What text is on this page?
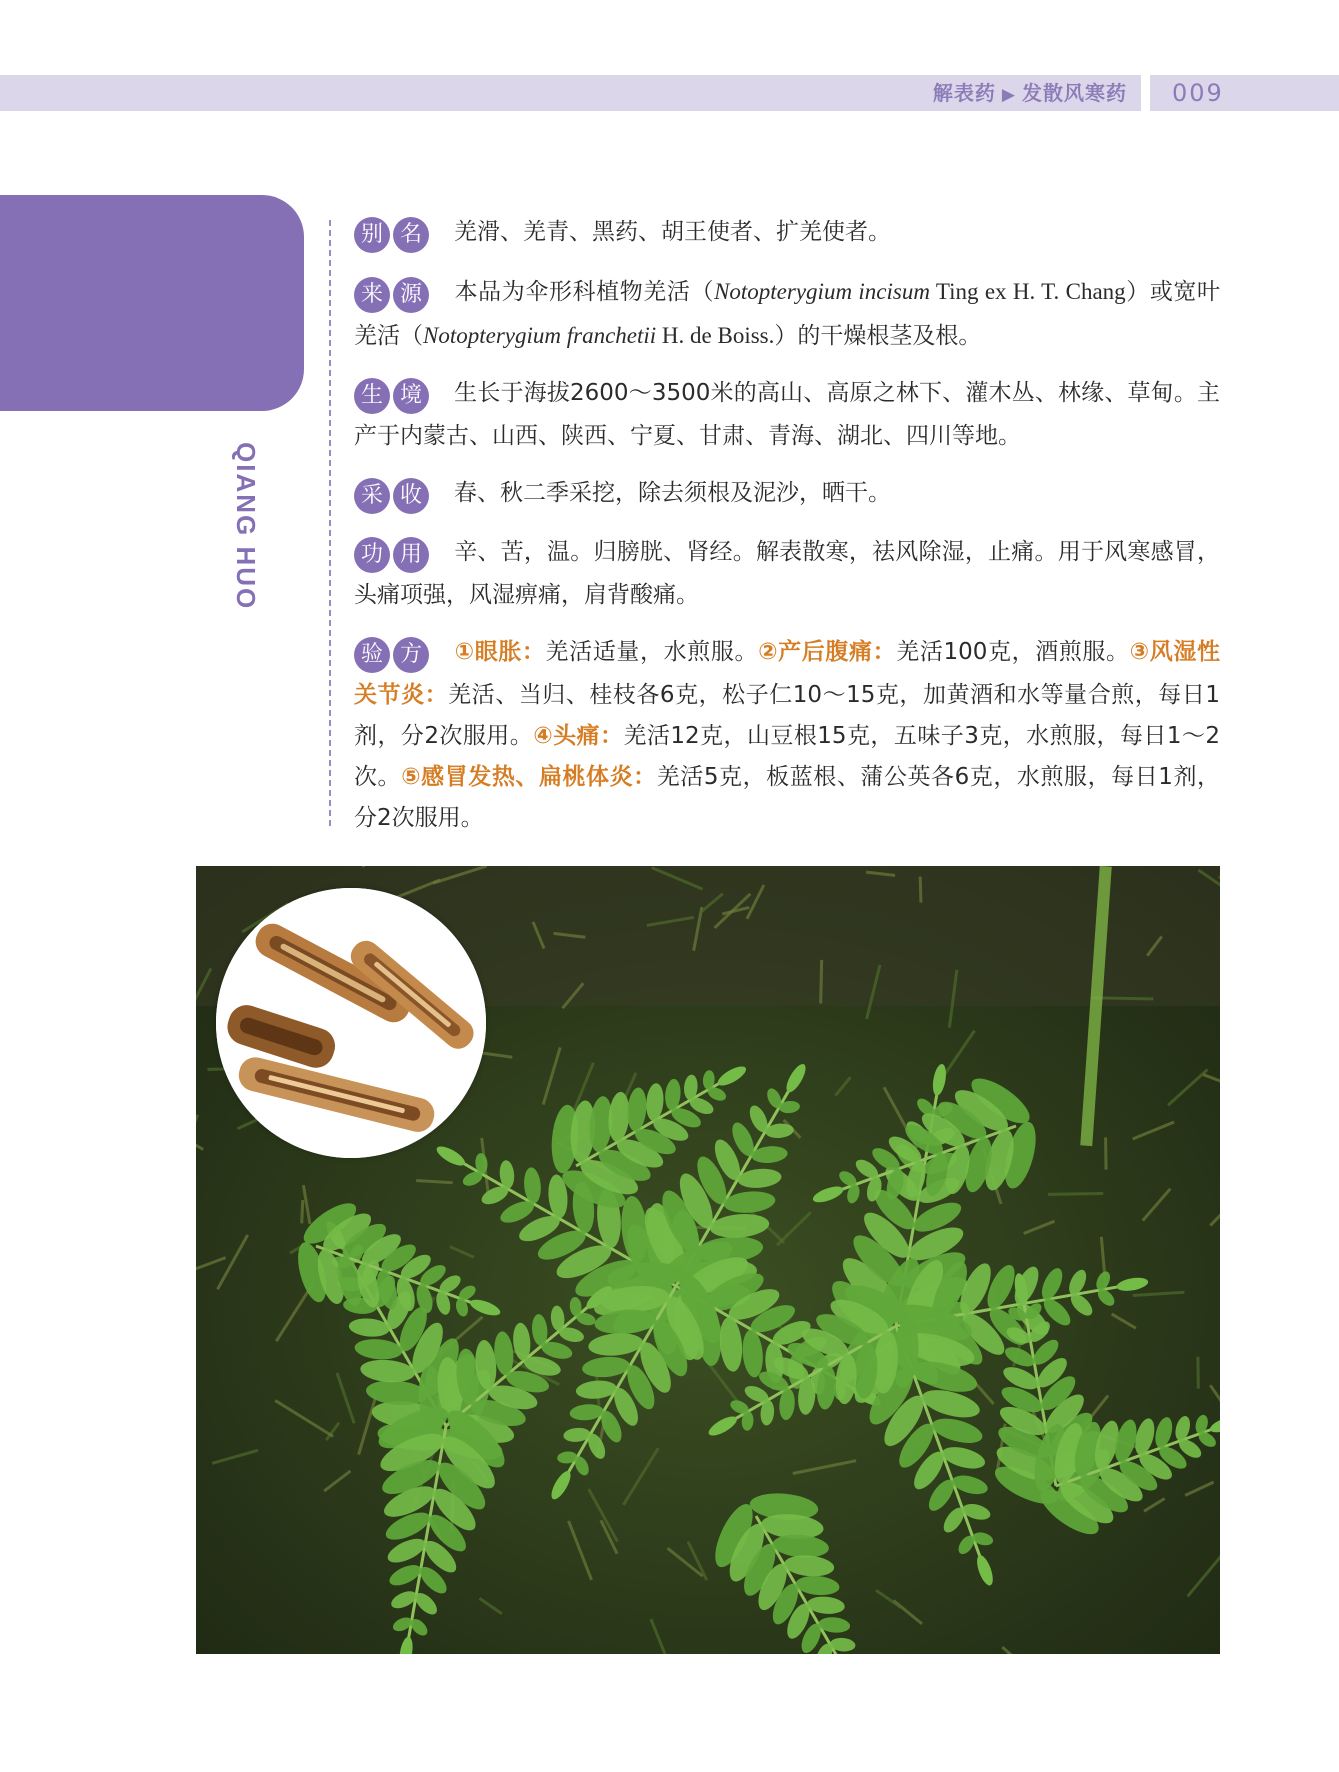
解表药 ▶ 发散风寒药 009
QIANG HUO
别 名 羌滑、羌青、黑药、胡王使者、扩羌使者。
来 源 本品为伞形科植物羌活（Notopterygium incisum Ting ex H. T. Chang）或宽叶羌活（Notopterygium franchetii H. de Boiss.）的干燥根茎及根。
生 境 生长于海拔2600～3500米的高山、高原之林下、灌木丛、林缘、草甸。主产于内蒙古、山西、陕西、宁夏、甘肃、青海、湖北、四川等地。
采 收 春、秋二季采挖，除去须根及泥沙，晒干。
功 用 辛、苦，温。归膀胱、肾经。解表散寒，祛风除湿，止痛。用于风寒感冒，头痛项强，风湿痹痛，肩背酸痛。
验 方 ①眼胀：羌活适量，水煎服。②产后腹痛：羌活100克，酒煎服。③风湿性关节炎：羌活、当归、桂枝各6克，松子仁10～15克，加黄酒和水等量合煎，每日1剂，分2次服用。④头痛：羌活12克，山豆根15克，五味子3克，水煎服，每日1～2次。⑤感冒发热、扁桃体炎：羌活5克，板蓝根、蒲公英各6克，水煎服，每日1剂，分2次服用。
